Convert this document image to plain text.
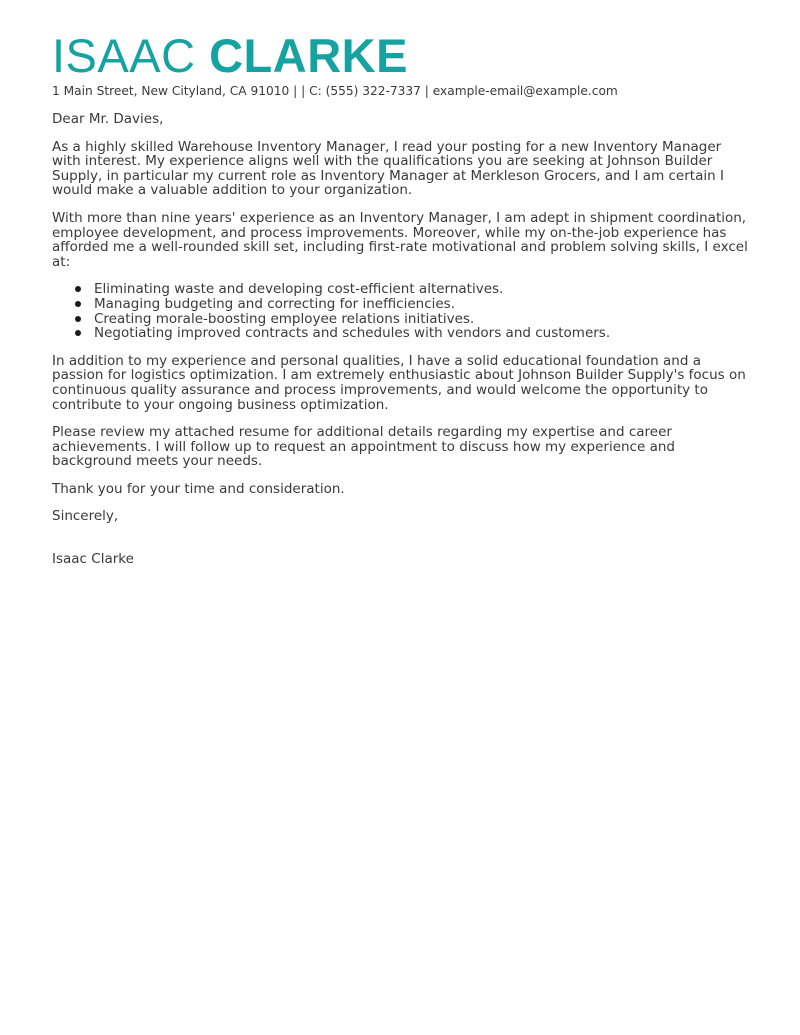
ISAAC CLARKE
1 Main Street, New Cityland, CA 91010 | | C: (555) 322-7337 | example-email@example.com
Dear Mr. Davies,
As a highly skilled Warehouse Inventory Manager, I read your posting for a new Inventory Manager with interest. My experience aligns well with the qualifications you are seeking at Johnson Builder Supply, in particular my current role as Inventory Manager at Merkleson Grocers, and I am certain I would make a valuable addition to your organization.
With more than nine years' experience as an Inventory Manager, I am adept in shipment coordination, employee development, and process improvements. Moreover, while my on-the-job experience has afforded me a well-rounded skill set, including first-rate motivational and problem solving skills, I excel at:
Eliminating waste and developing cost-efficient alternatives.
Managing budgeting and correcting for inefficiencies.
Creating morale-boosting employee relations initiatives.
Negotiating improved contracts and schedules with vendors and customers.
In addition to my experience and personal qualities, I have a solid educational foundation and a passion for logistics optimization. I am extremely enthusiastic about Johnson Builder Supply's focus on continuous quality assurance and process improvements, and would welcome the opportunity to contribute to your ongoing business optimization.
Please review my attached resume for additional details regarding my expertise and career achievements. I will follow up to request an appointment to discuss how my experience and background meets your needs.
Thank you for your time and consideration.
Sincerely,
Isaac Clarke
